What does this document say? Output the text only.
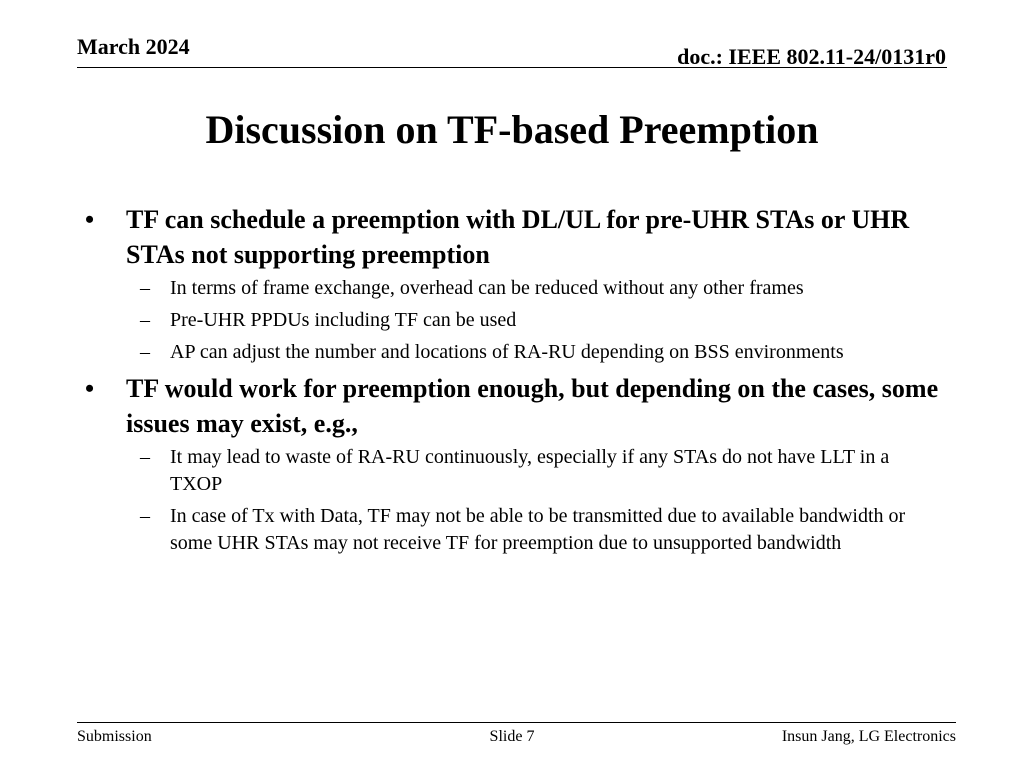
March 2024	doc.: IEEE 802.11-24/0131r0
Discussion on TF-based Preemption
• TF can schedule a preemption with DL/UL for pre-UHR STAs or UHR STAs not supporting preemption
– In terms of frame exchange, overhead can be reduced without any other frames
– Pre-UHR PPDUs including TF can be used
– AP can adjust the number and locations of RA-RU depending on BSS environments
• TF would work for preemption enough, but depending on the cases, some issues may exist, e.g.,
– It may lead to waste of RA-RU continuously, especially if any STAs do not have LLT in a TXOP
– In case of Tx with Data, TF may not be able to be transmitted due to available bandwidth or some UHR STAs may not receive TF for preemption due to unsupported bandwidth
Submission	Slide 7	Insun Jang, LG Electronics
